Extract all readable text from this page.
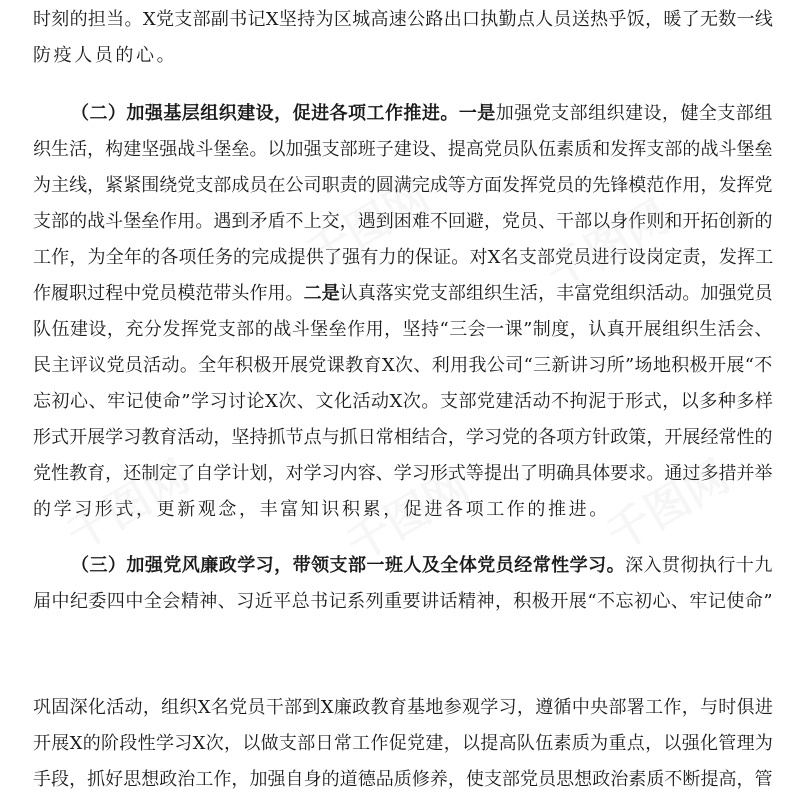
时刻的担当。X党支部副书记X坚持为区城高速公路出口执勤点人员送热乎饭，暖了无数一线
防疫人员的心。
（二）加强基层组织建设，促进各项工作推进。一是加强党支部组织建设，健全支部组
织生活，构建坚强战斗堡垒。以加强支部班子建设、提高党员队伍素质和发挥支部的战斗堡垒
为主线，紧紧围绕党支部成员在公司职责的圆满完成等方面发挥党员的先锋模范作用，发挥党
支部的战斗堡垒作用。遇到矛盾不上交，遇到困难不回避，党员、干部以身作则和开拓创新的
工作，为全年的各项任务的完成提供了强有力的保证。对X名支部党员进行设岗定责，发挥工
作履职过程中党员模范带头作用。二是认真落实党支部组织生活，丰富党组织活动。加强党员
队伍建设，充分发挥党支部的战斗堡垒作用，坚持“三会一课”制度，认真开展组织生活会、
民主评议党员活动。全年积极开展党课教育X次、利用我公司“三新讲习所”场地积极开展“不
忘初心、牢记使命”学习讨论X次、文化活动X次。支部党建活动不拘泥于形式，以多种多样
形式开展学习教育活动，坚持抓节点与抓日常相结合，学习党的各项方针政策，开展经常性的
党性教育，还制定了自学计划，对学习内容、学习形式等提出了明确具体要求。通过多措并举
的学习形式，更新观念，丰富知识积累，促进各项工作的推进。
（三）加强党风廉政学习，带领支部一班人及全体党员经常性学习。深入贯彻执行十九
届中纪委四中全会精神、习近平总书记系列重要讲话精神，积极开展“不忘初心、牢记使命”
巩固深化活动，组织X名党员干部到X廉政教育基地参观学习，遵循中央部署工作，与时俱进
开展X的阶段性学习X次，以做支部日常工作促党建，以提高队伍素质为重点，以强化管理为
手段，抓好思想政治工作，加强自身的道德品质修养，使支部党员思想政治素质不断提高，管
千图网 千图网
千图网	千图网	千图网
